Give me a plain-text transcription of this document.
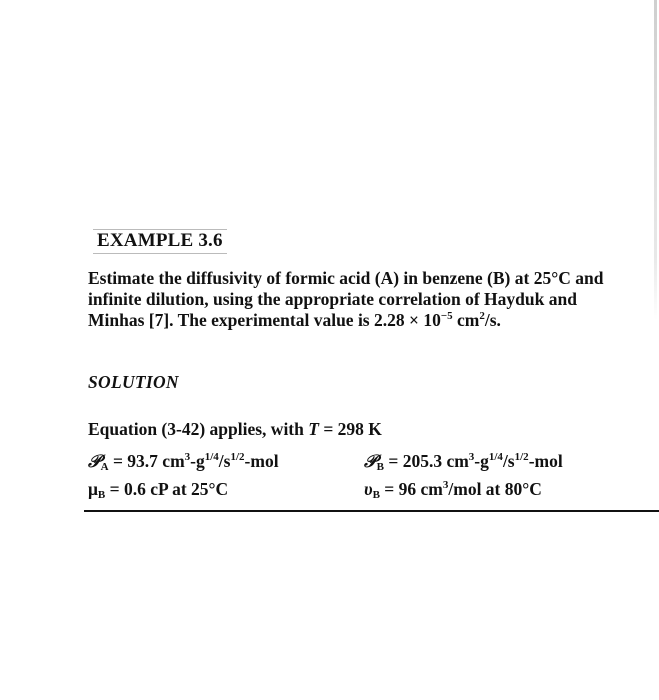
EXAMPLE 3.6

Estimate the diffusivity of formic acid (A) in benzene (B) at 25°C and infinite dilution, using the appropriate correlation of Hayduk and Minhas [7]. The experimental value is $2.28 \times 10^{-5}$ $cm^2/s$.

SOLUTION
Equation (3-42) applies, with T = 298 K
𝒫$_A$ = 93.7 $cm^3-g^{1/4}/s^{1/2}$-mol	𝒫$_B$ = 205.3 $cm^3-g^{1/4}/s^{1/2}$-mol
$\mu_B = 0.6$ cP at 25°C	$\upsilon_B = 96$ $cm^3$/mol at 80°C
